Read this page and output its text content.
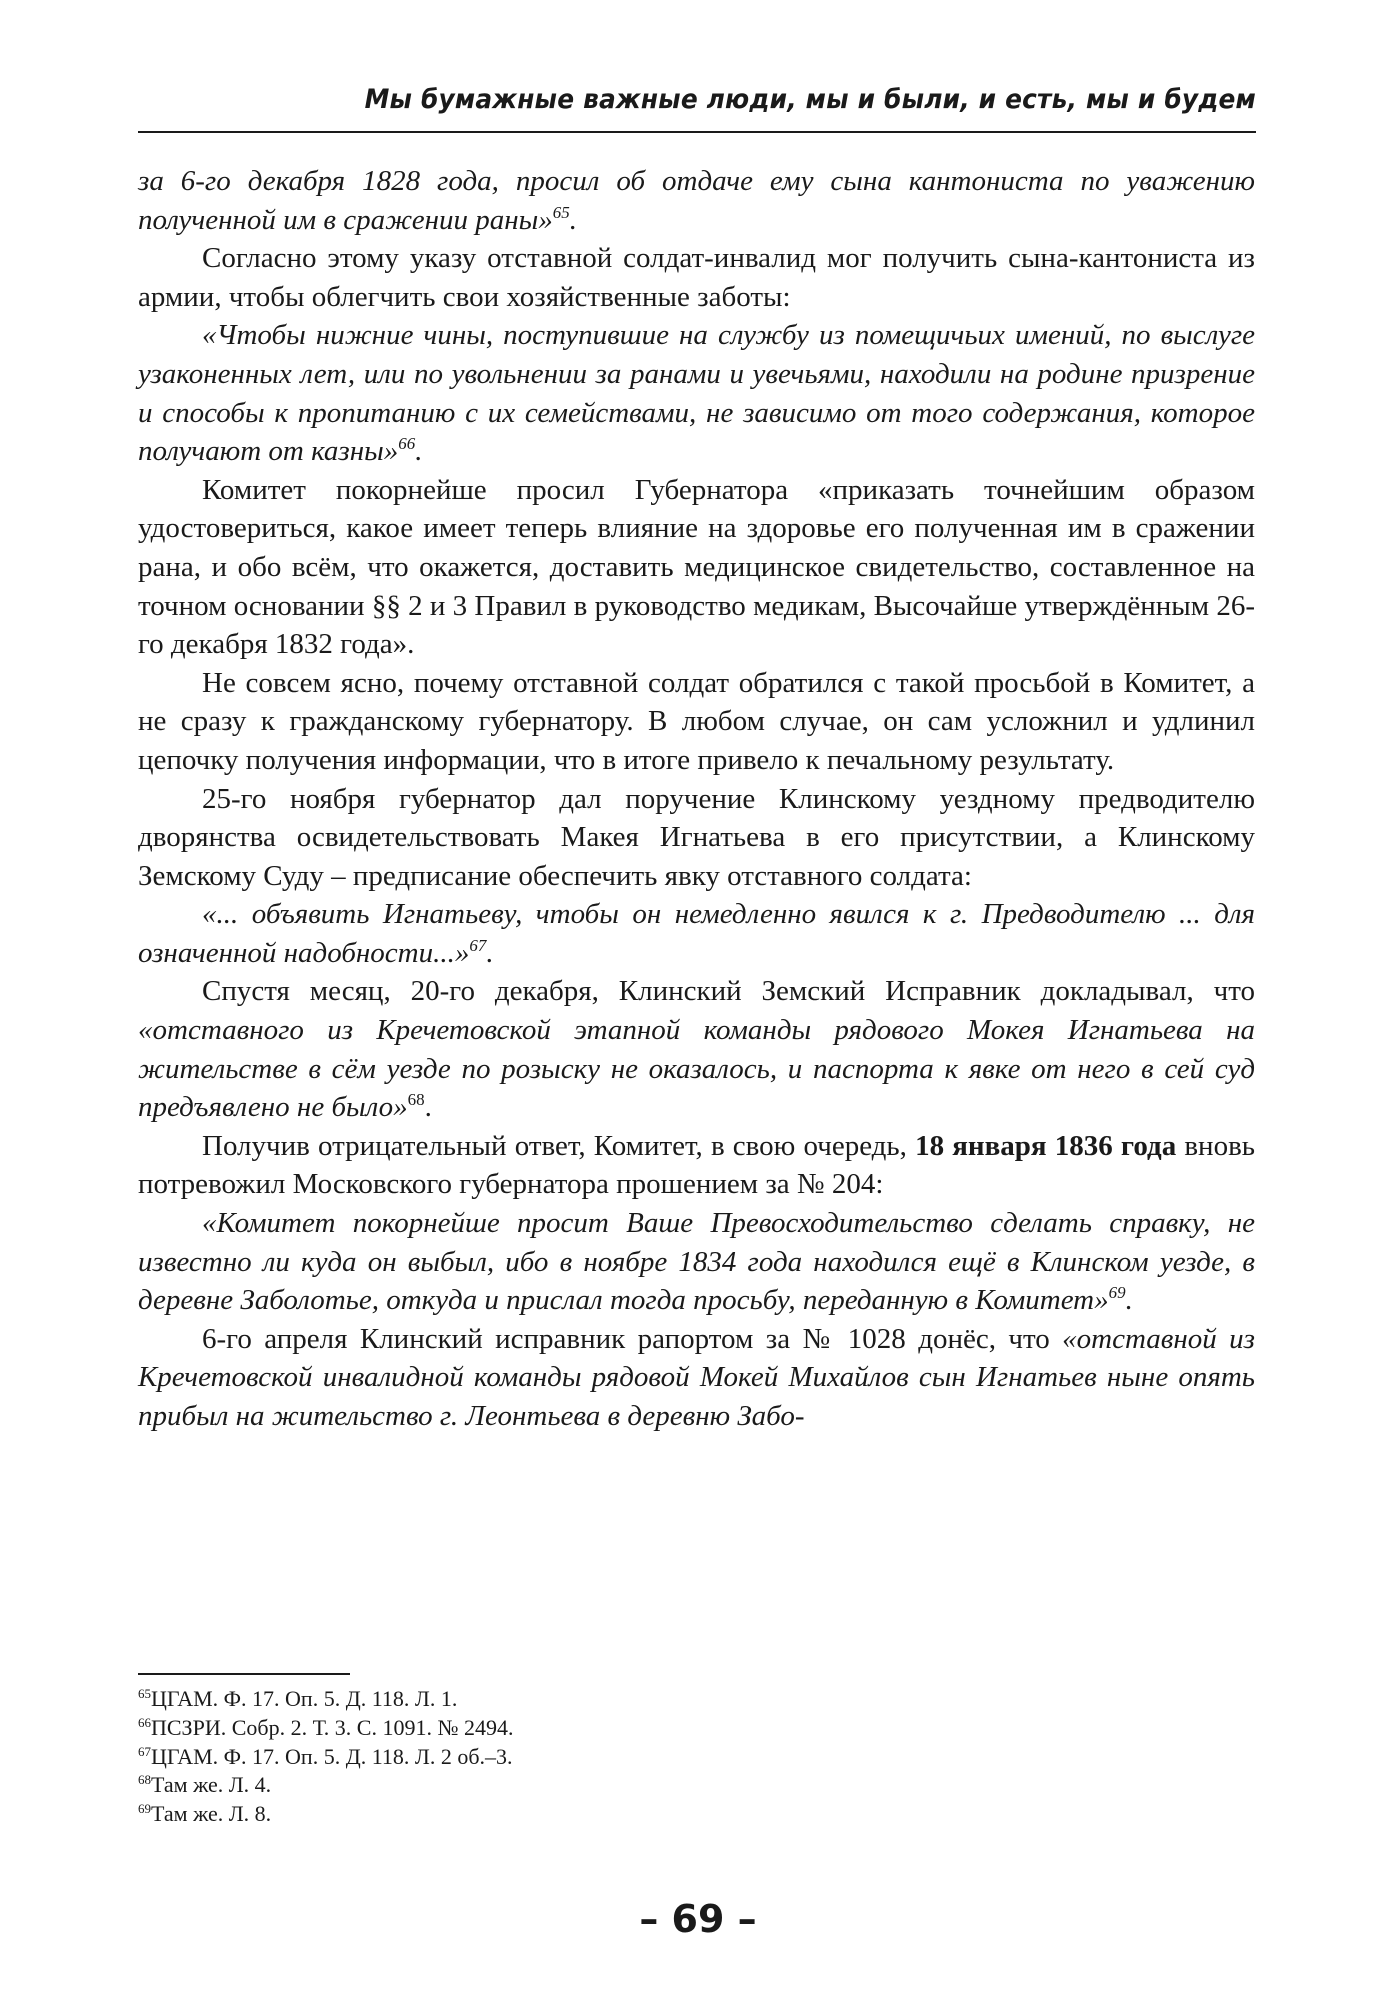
Мы бумажные важные люди, мы и были, и есть, мы и будем

за 6-го декабря 1828 года, просил об отдаче ему сына кантониста по уважению полученной им в сражении раны»$^{65}$.

Согласно этому указу отставной солдат-инвалид мог получить сына-кантониста из армии, чтобы облегчить свои хозяйственные заботы:

«Чтобы нижние чины, поступившие на службу из помещичьих имений, по выслуге узаконенных лет, или по увольнении за ранами и увечьями, находили на родине призрение и способы к пропитанию с их семействами, не зависимо от того содержания, которое получают от казны»$^{66}$.

Комитет покорнейше просил Губернатора «приказать точнейшим образом удостовериться, какое имеет теперь влияние на здоровье его полученная им в сражении рана, и обо всём, что окажется, доставить медицинское свидетельство, составленное на точном основании §§ 2 и 3 Правил в руководство медикам, Высочайше утверждённым 26-го декабря 1832 года».

Не совсем ясно, почему отставной солдат обратился с такой просьбой в Комитет, а не сразу к гражданскому губернатору. В любом случае, он сам усложнил и удлинил цепочку получения информации, что в итоге привело к печальному результату.

25-го ноября губернатор дал поручение Клинскому уездному предводителю дворянства освидетельствовать Макея Игнатьева в его присутствии, а Клинскому Земскому Суду – предписание обеспечить явку отставного солдата:

«... объявить Игнатьеву, чтобы он немедленно явился к г. Предводителю ... для означенной надобности...»$^{67}$.

Спустя месяц, 20-го декабря, Клинский Земский Исправник докладывал, что «отставного из Кречетовской этапной команды рядового Мокея Игнатьева на жительстве в сём уезде по розыску не оказалось, и паспорта к явке от него в сей суд предъявлено не было»$^{68}$.

Получив отрицательный ответ, Комитет, в свою очередь, 18 января 1836 года вновь потревожил Московского губернатора прошением за № 204:

«Комитет покорнейше просит Ваше Превосходительство сделать справку, не известно ли куда он выбыл, ибо в ноябре 1834 года находился ещё в Клинском уезде, в деревне Заболотье, откуда и прислал тогда просьбу, переданную в Комитет»$^{69}$.

6-го апреля Клинский исправник рапортом за № 1028 донёс, что «отставной из Кречетовской инвалидной команды рядовой Мокей Михайлов сын Игнатьев ныне опять прибыл на жительство г. Леонтьева в деревню Забо-

$^{65}$ЦГАМ. Ф. 17. Оп. 5. Д. 118. Л. 1.
$^{66}$ПСЗРИ. Собр. 2. Т. 3. С. 1091. № 2494.
$^{67}$ЦГАМ. Ф. 17. Оп. 5. Д. 118. Л. 2 об.–3.
$^{68}$Там же. Л. 4.
$^{69}$Там же. Л. 8.
– 69 –
